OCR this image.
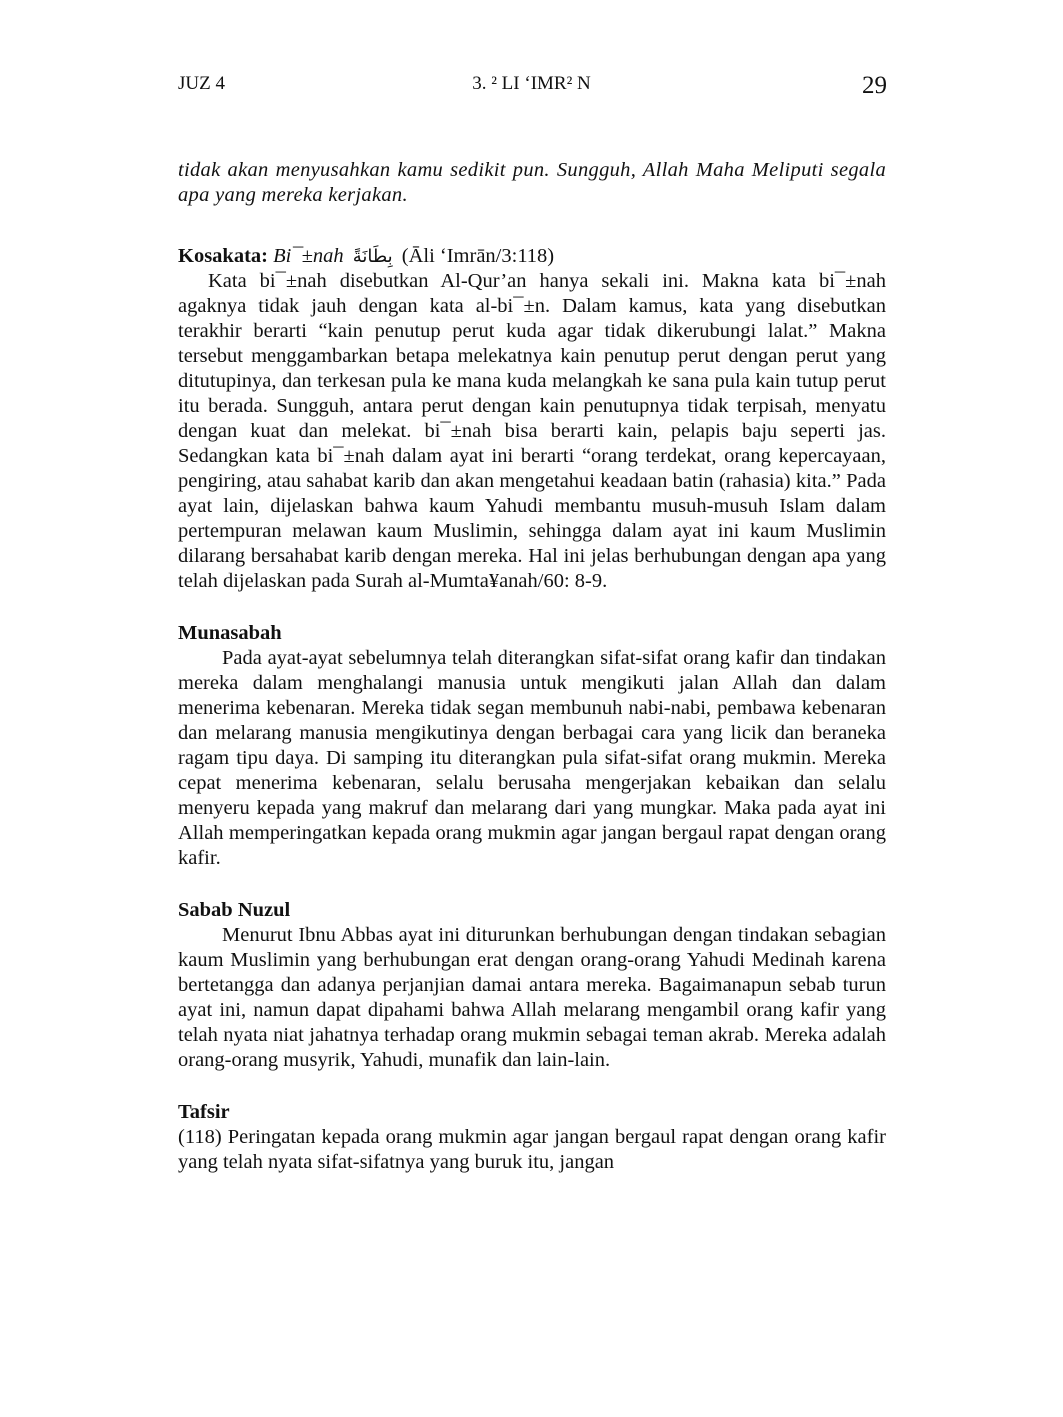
JUZ 4	3. ² LI ‘IMR² N	29

tidak akan menyusahkan kamu sedikit pun. Sungguh, Allah Maha Meliputi segala apa yang mereka kerjakan.

Kosakata: Bi¯±nah بِطَانَةً (Āli ‘Imrān/3:118)

Kata bi¯±nah disebutkan Al-Qur’an hanya sekali ini. Makna kata bi¯±nah agaknya tidak jauh dengan kata al-bi¯±n. Dalam kamus, kata yang disebutkan terakhir berarti “kain penutup perut kuda agar tidak dikerubungi lalat.” Makna tersebut menggambarkan betapa melekatnya kain penutup perut dengan perut yang ditutupinya, dan terkesan pula ke mana kuda melangkah ke sana pula kain tutup perut itu berada. Sungguh, antara perut dengan kain penutupnya tidak terpisah, menyatu dengan kuat dan melekat. bi¯±nah bisa berarti kain, pelapis baju seperti jas. Sedangkan kata bi¯±nah dalam ayat ini berarti “orang terdekat, orang kepercayaan, pengiring, atau sahabat karib dan akan mengetahui keadaan batin (rahasia) kita.” Pada ayat lain, dijelaskan bahwa kaum Yahudi membantu musuh-musuh Islam dalam pertempuran melawan kaum Muslimin, sehingga dalam ayat ini kaum Muslimin dilarang bersahabat karib dengan mereka. Hal ini jelas berhubungan dengan apa yang telah dijelaskan pada Surah al-Mumta¥anah/60: 8-9.

Munasabah

Pada ayat-ayat sebelumnya telah diterangkan sifat-sifat orang kafir dan tindakan mereka dalam menghalangi manusia untuk mengikuti jalan Allah dan dalam menerima kebenaran. Mereka tidak segan membunuh nabi-nabi, pembawa kebenaran dan melarang manusia mengikutinya dengan berbagai cara yang licik dan beraneka ragam tipu daya. Di samping itu diterangkan pula sifat-sifat orang mukmin. Mereka cepat menerima kebenaran, selalu berusaha mengerjakan kebaikan dan selalu menyeru kepada yang makruf dan melarang dari yang mungkar. Maka pada ayat ini Allah memperingatkan kepada orang mukmin agar jangan bergaul rapat dengan orang kafir.

Sabab Nuzul

Menurut Ibnu Abbas ayat ini diturunkan berhubungan dengan tindakan sebagian kaum Muslimin yang berhubungan erat dengan orang-orang Yahudi Medinah karena bertetangga dan adanya perjanjian damai antara mereka. Bagaimanapun sebab turun ayat ini, namun dapat dipahami bahwa Allah melarang mengambil orang kafir yang telah nyata niat jahatnya terhadap orang mukmin sebagai teman akrab. Mereka adalah orang-orang musyrik, Yahudi, munafik dan lain-lain.

Tafsir

(118) Peringatan kepada orang mukmin agar jangan bergaul rapat dengan orang kafir yang telah nyata sifat-sifatnya yang buruk itu, jangan
